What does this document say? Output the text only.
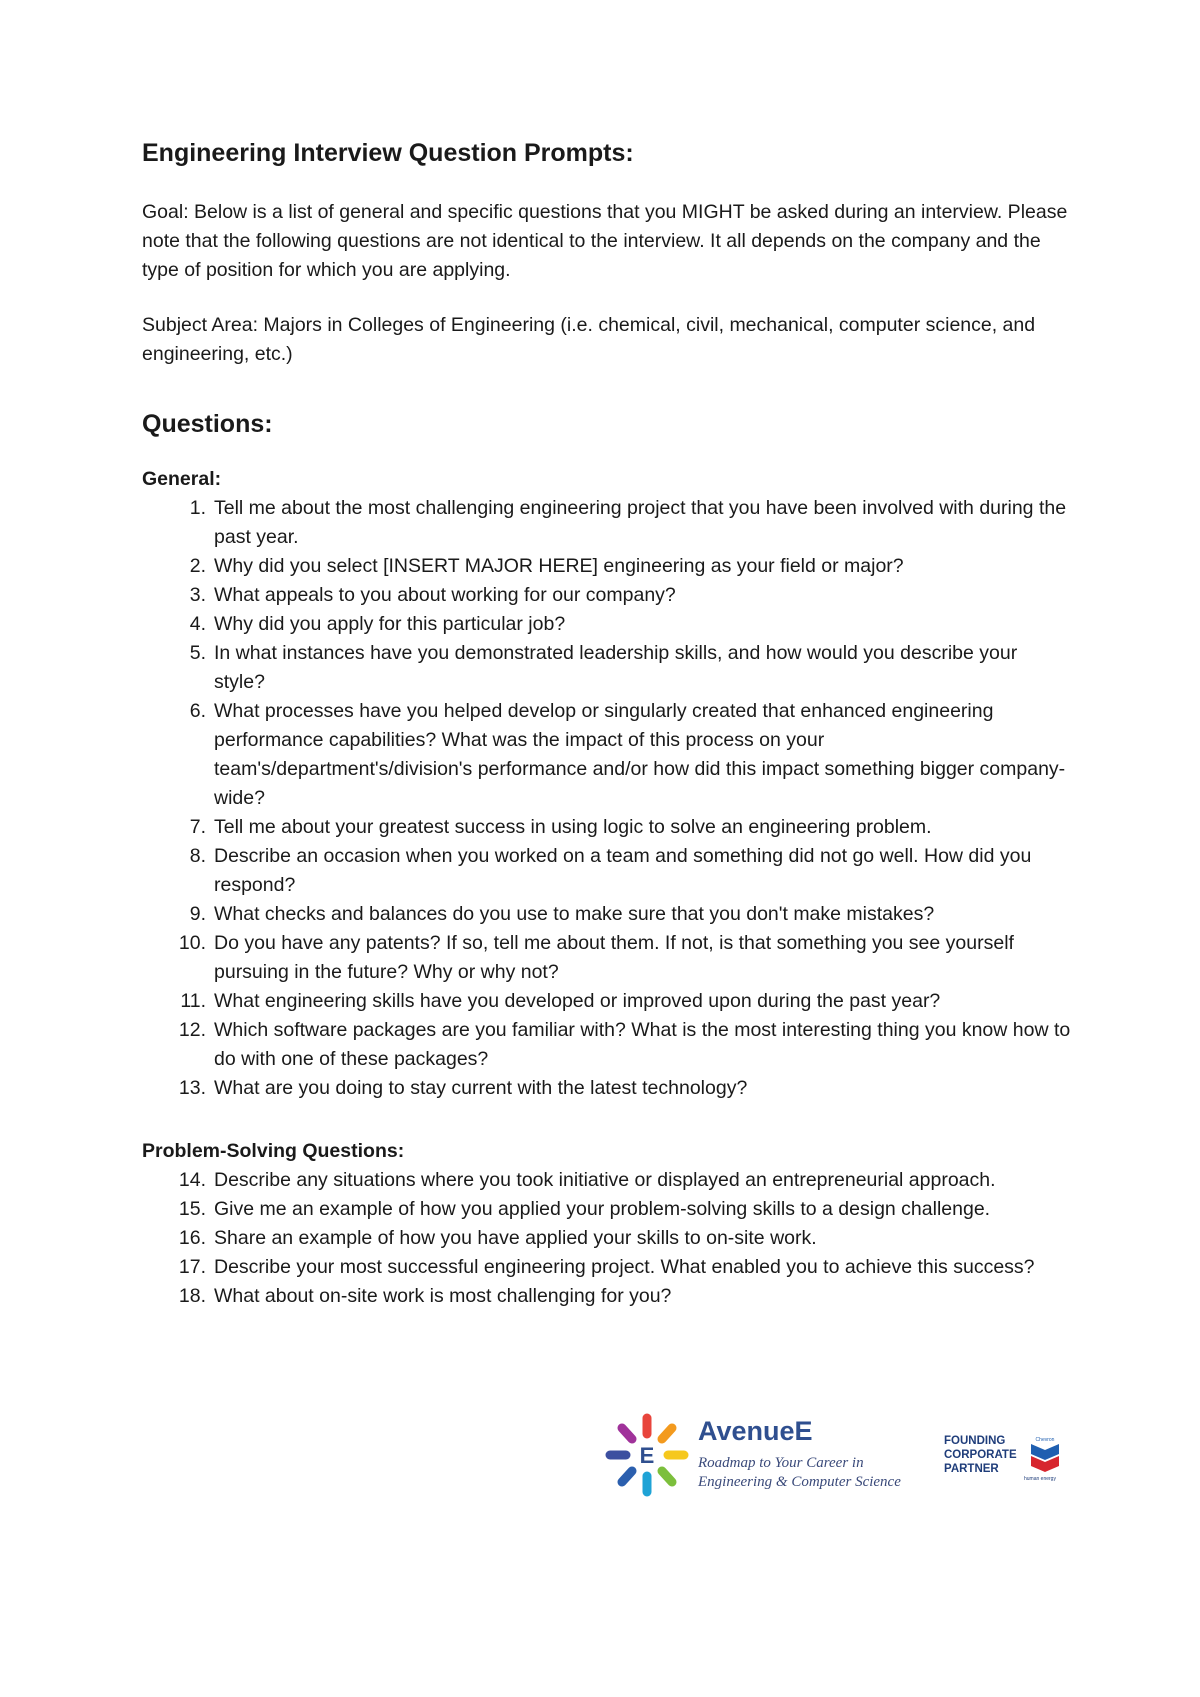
Engineering Interview Question Prompts:

Goal: Below is a list of general and specific questions that you MIGHT be asked during an interview. Please note that the following questions are not identical to the interview. It all depends on the company and the type of position for which you are applying.

Subject Area: Majors in Colleges of Engineering (i.e. chemical, civil, mechanical, computer science, and engineering, etc.)

Questions:
General:
1. Tell me about the most challenging engineering project that you have been involved with during the past year.
2. Why did you select [INSERT MAJOR HERE] engineering as your field or major?
3. What appeals to you about working for our company?
4. Why did you apply for this particular job?
5. In what instances have you demonstrated leadership skills, and how would you describe your style?
6. What processes have you helped develop or singularly created that enhanced engineering performance capabilities? What was the impact of this process on your team's/department's/division's performance and/or how did this impact something bigger company-wide?
7. Tell me about your greatest success in using logic to solve an engineering problem.
8. Describe an occasion when you worked on a team and something did not go well. How did you respond?
9. What checks and balances do you use to make sure that you don't make mistakes?
10. Do you have any patents? If so, tell me about them. If not, is that something you see yourself pursuing in the future? Why or why not?
11. What engineering skills have you developed or improved upon during the past year?
12. Which software packages are you familiar with? What is the most interesting thing you know how to do with one of these packages?
13. What are you doing to stay current with the latest technology?
Problem-Solving Questions:
14. Describe any situations where you took initiative or displayed an entrepreneurial approach.
15. Give me an example of how you applied your problem-solving skills to a design challenge.
16. Share an example of how you have applied your skills to on-site work.
17. Describe your most successful engineering project. What enabled you to achieve this success?
18. What about on-site work is most challenging for you?
E
AvenueE
Roadmap to Your Career in
Engineering & Computer Science
FOUNDING
CORPORATE
PARTNER
Chevron
human energy
